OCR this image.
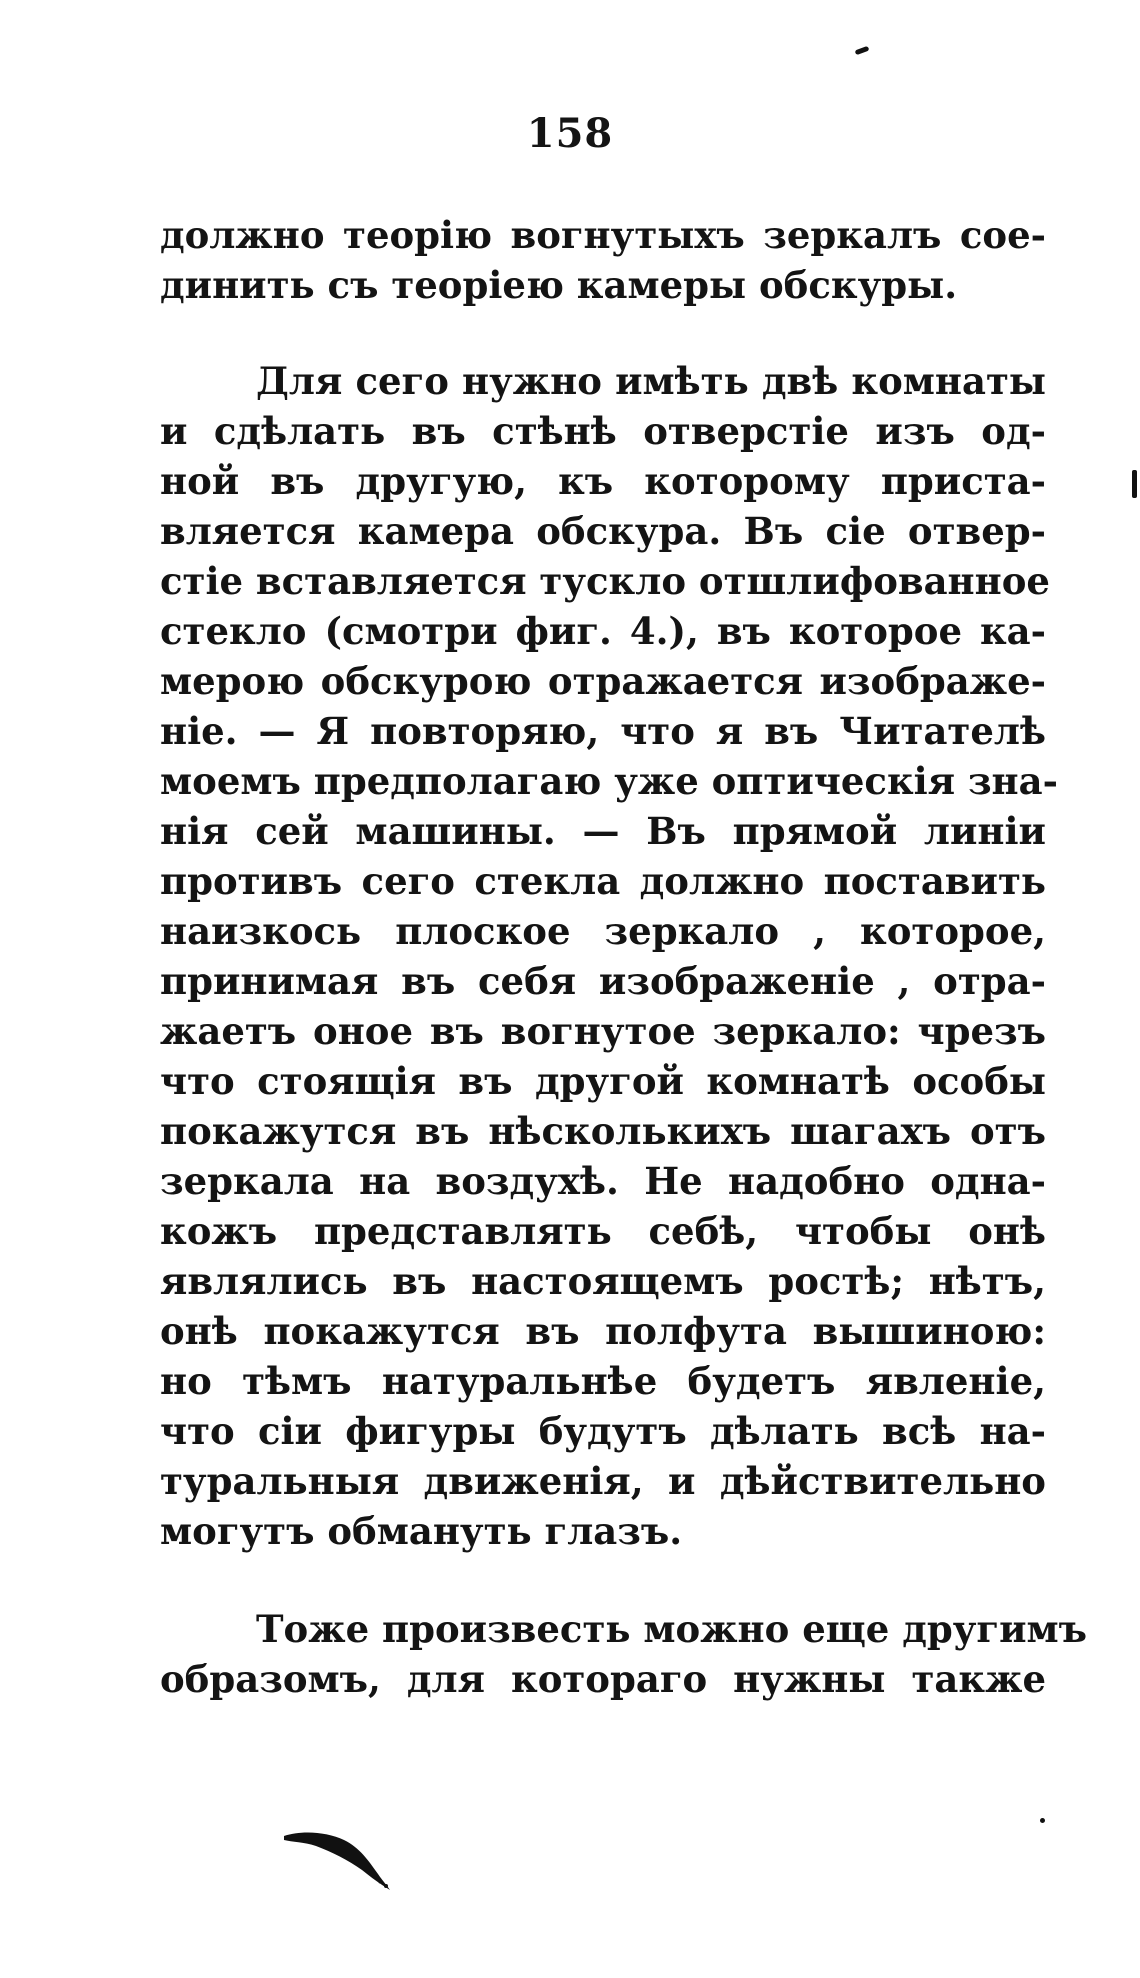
158
должно теорію вогнутыхъ зеркалъ сое-
динить съ теоріею камеры обскуры.
Для сего нужно имѣть двѣ комнаты
и сдѣлать въ стѣнѣ отверстіе изъ од-
ной въ другую, къ которому приста-
вляется камера обскура. Въ сіе отвер-
стіе вставляется тускло отшлифованное
стекло (смотри фиг. 4.), въ которое ка-
мерою обскурою отражается изображе-
ніе. — Я повторяю, что я въ Читателѣ
моемъ предполагаю уже оптическія зна-
нія сей машины. — Въ прямой линіи
противъ сего стекла должно поставить
наизкось плоское зеркало , которое,
принимая въ себя изображеніе , отра-
жаетъ оное въ вогнутое зеркало: чрезъ
что стоящія въ другой комнатѣ особы
покажутся въ нѣсколькихъ шагахъ отъ
зеркала на воздухѣ. Не надобно одна-
кожъ представлять себѣ, чтобы онѣ
являлись въ настоящемъ ростѣ; нѣтъ,
онѣ покажутся въ полфута вышиною:
но тѣмъ натуральнѣе будетъ явленіе,
что сіи фигуры будутъ дѣлать всѣ на-
туральныя движенія, и дѣйствительно
могутъ обмануть глазъ.
Тоже произвесть можно еще другимъ
образомъ, для котораго нужны также
